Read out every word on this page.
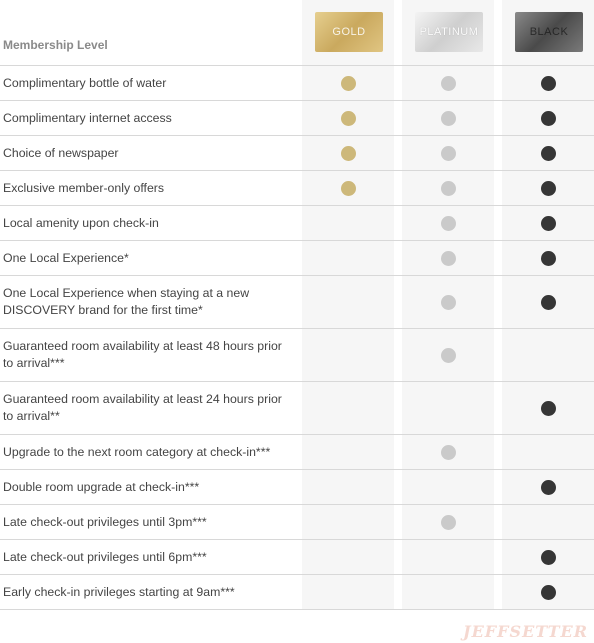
GOLD	PLATINUM	BLACK
Membership Level
Complimentary bottle of water
Complimentary internet access
Choice of newspaper
Exclusive member-only offers
Local amenity upon check-in
One Local Experience*
One Local Experience when staying at a new DISCOVERY brand for the first time*
Guaranteed room availability at least 48 hours prior to arrival***
Guaranteed room availability at least 24 hours prior to arrival**
Upgrade to the next room category at check-in***
Double room upgrade at check-in***
Late check-out privileges until 3pm***
Late check-out privileges until 6pm***
Early check-in privileges starting at 9am***
JEFFSETTER
